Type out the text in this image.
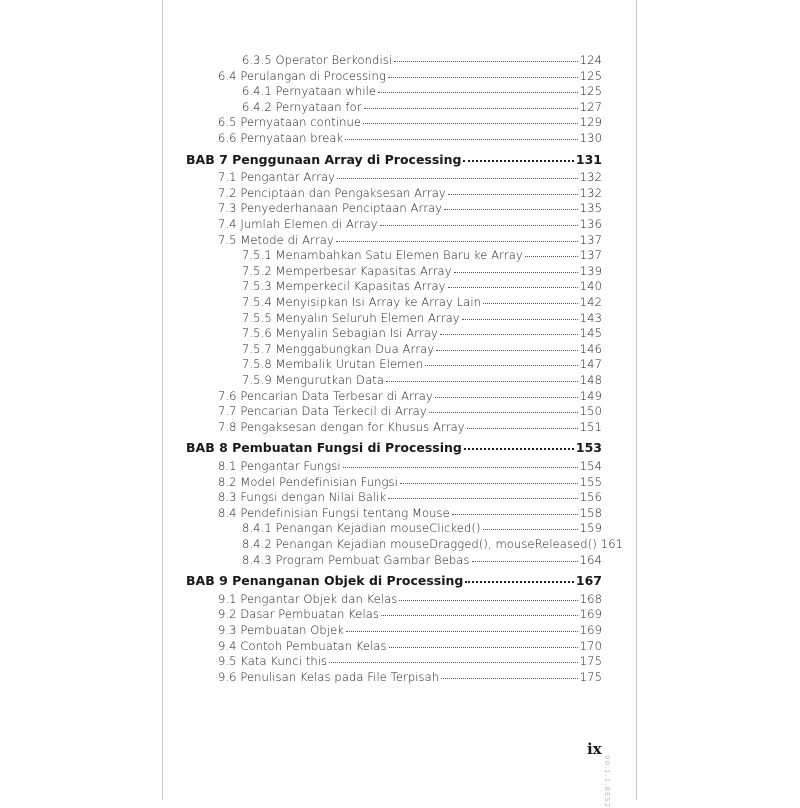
6.3.5 Operator Berkondisi	124
6.4 Perulangan di Processing	125
6.4.1 Pernyataan while	125
6.4.2 Pernyataan for	127
6.5 Pernyataan continue	129
6.6 Pernyataan break	130
BAB 7 Penggunaan Array di Processing	131
7.1 Pengantar Array	132
7.2 Penciptaan dan Pengaksesan Array	132
7.3 Penyederhanaan Penciptaan Array	135
7.4 Jumlah Elemen di Array	136
7.5 Metode di Array	137
7.5.1 Menambahkan Satu Elemen Baru ke Array	137
7.5.2 Memperbesar Kapasitas Array	139
7.5.3 Memperkecil Kapasitas Array	140
7.5.4 Menyisipkan Isi Array ke Array Lain	142
7.5.5 Menyalin Seluruh Elemen Array	143
7.5.6 Menyalin Sebagian Isi Array	145
7.5.7 Menggabungkan Dua Array	146
7.5.8 Membalik Urutan Elemen	147
7.5.9 Mengurutkan Data	148
7.6 Pencarian Data Terbesar di Array	149
7.7 Pencarian Data Terkecil di Array	150
7.8 Pengaksesan dengan for Khusus Array	151
BAB 8 Pembuatan Fungsi di Processing	153
8.1 Pengantar Fungsi	154
8.2 Model Pendefinisian Fungsi	155
8.3 Fungsi dengan Nilai Balik	156
8.4 Pendefinisian Fungsi tentang Mouse	158
8.4.1 Penangan Kejadian mouseClicked()	159
8.4.2 Penangan Kejadian mouseDragged(), mouseReleased() 161
8.4.3 Program Pembuat Gambar Bebas	164
BAB 9 Penanganan Objek di Processing	167
9.1 Pengantar Objek dan Kelas	168
9.2 Dasar Pembuatan Kelas	169
9.3 Pembuatan Objek	169
9.4 Contoh Pembuatan Kelas	170
9.5 Kata Kunci this	175
9.6 Penulisan Kelas pada File Terpisah	175
ix
00.1.1.8ES2
